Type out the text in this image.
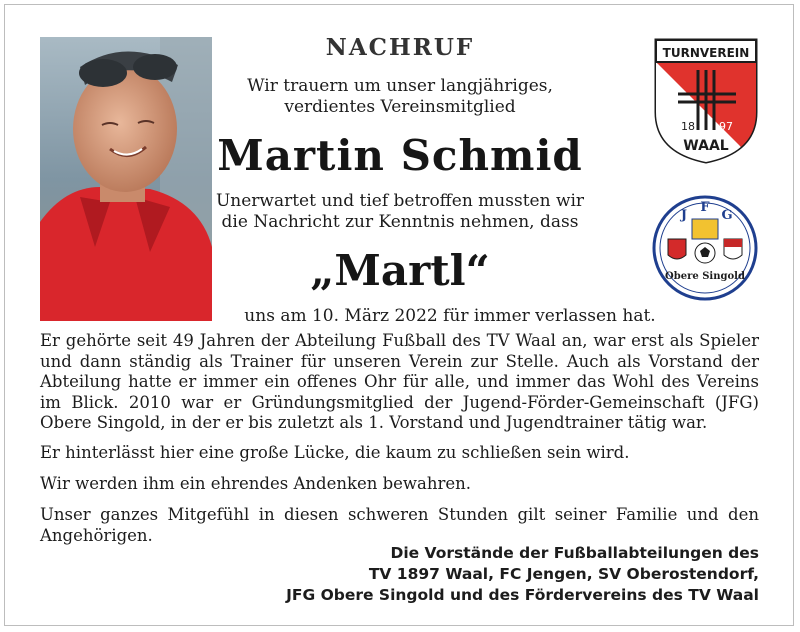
NACHRUF
Wir trauern um unser langjähriges,
verdientes Vereinsmitglied
Martin Schmid
Unerwartet und tief betroffen mussten wir
die Nachricht zur Kenntnis nehmen, dass
„Martl“
uns am 10. März 2022 für immer verlassen hat.

Er gehörte seit 49 Jahren der Abteilung Fußball des TV Waal an, war erst als Spieler und dann ständig als Trainer für unseren Verein zur Stelle. Auch als Vorstand der Abteilung hatte er immer ein offenes Ohr für alle, und immer das Wohl des Vereins im Blick. 2010 war er Gründungsmitglied der Jugend-Förder-Gemeinschaft (JFG) Obere Singold, in der er bis zuletzt als 1. Vorstand und Jugendtrainer tätig war.

Er hinterlässt hier eine große Lücke, die kaum zu schließen sein wird.

Wir werden ihm ein ehrendes Andenken bewahren.

Unser ganzes Mitgefühl in diesen schweren Stunden gilt seiner Familie und den Angehörigen.

Die Vorstände der Fußballabteilungen des
TV 1897 Waal, FC Jengen, SV Oberostendorf,
JFG Obere Singold und des Fördervereins des TV Waal
TURNVEREIN
18 97
WAAL
J
F
G
Obere Singold
